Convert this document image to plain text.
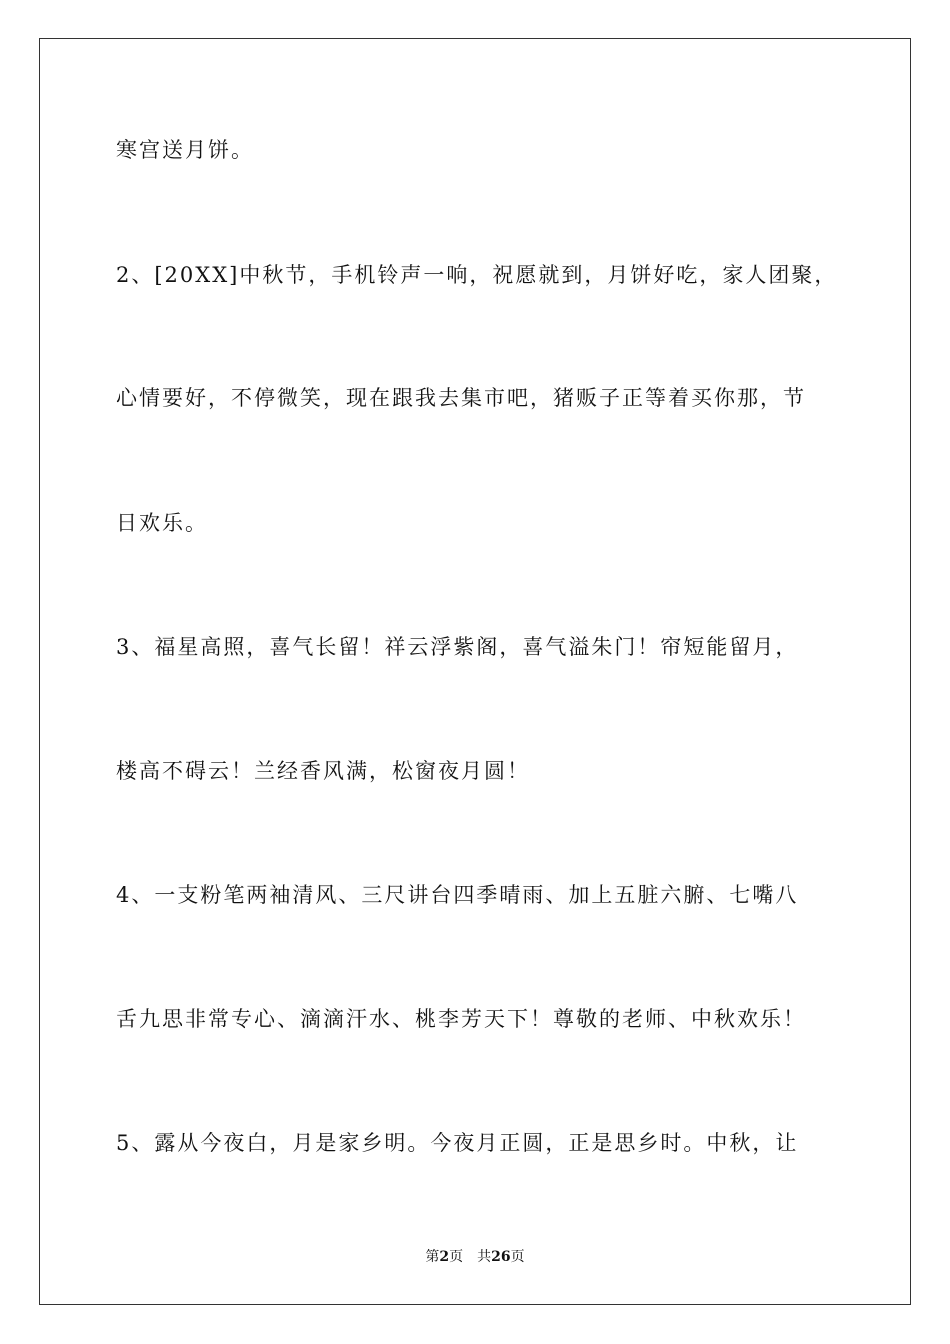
寒宫送月饼。
2、[20XX]中秋节，手机铃声一响，祝愿就到，月饼好吃，家人团聚，
心情要好，不停微笑，现在跟我去集市吧，猪贩子正等着买你那，节
日欢乐。
3、福星高照，喜气长留！祥云浮紫阁，喜气溢朱门！帘短能留月，
楼高不碍云！兰经香风满，松窗夜月圆！
4、一支粉笔两袖清风、三尺讲台四季晴雨、加上五脏六腑、七嘴八
舌九思非常专心、滴滴汗水、桃李芳天下！尊敬的老师、中秋欢乐！
5、露从今夜白，月是家乡明。今夜月正圆，正是思乡时。中秋，让
第2页 共26页
